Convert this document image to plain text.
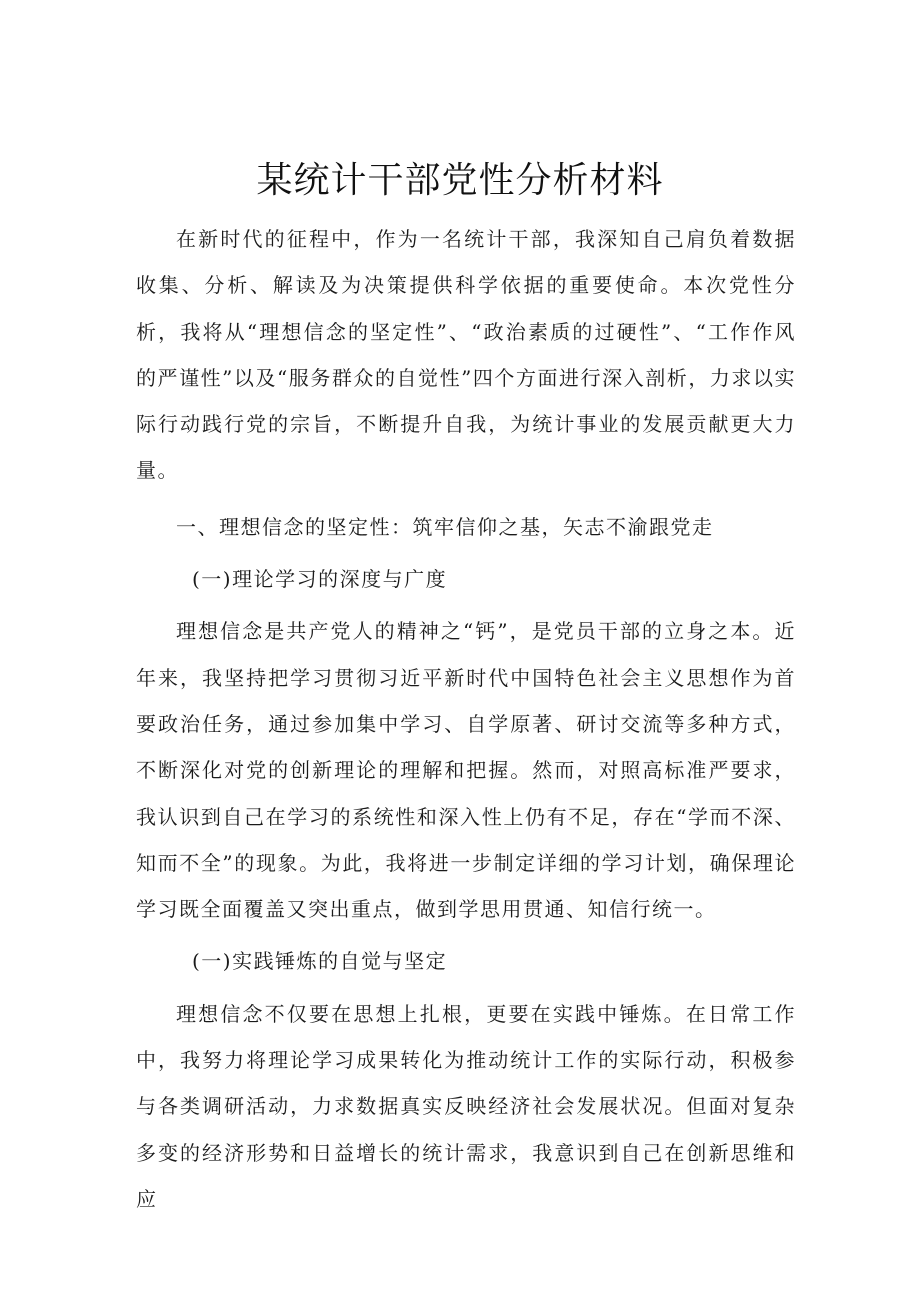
某统计干部党性分析材料

在新时代的征程中，作为一名统计干部，我深知自己肩负着数据收集、分析、解读及为决策提供科学依据的重要使命。本次党性分析，我将从“理想信念的坚定性”、“政治素质的过硬性”、“工作作风的严谨性”以及“服务群众的自觉性”四个方面进行深入剖析，力求以实际行动践行党的宗旨，不断提升自我，为统计事业的发展贡献更大力量。

一、理想信念的坚定性：筑牢信仰之基，矢志不渝跟党走

(一)理论学习的深度与广度

理想信念是共产党人的精神之“钙”，是党员干部的立身之本。近年来，我坚持把学习贯彻习近平新时代中国特色社会主义思想作为首要政治任务，通过参加集中学习、自学原著、研讨交流等多种方式，不断深化对党的创新理论的理解和把握。然而，对照高标准严要求，我认识到自己在学习的系统性和深入性上仍有不足，存在“学而不深、知而不全”的现象。为此，我将进一步制定详细的学习计划，确保理论学习既全面覆盖又突出重点，做到学思用贯通、知信行统一。

(一)实践锤炼的自觉与坚定

理想信念不仅要在思想上扎根，更要在实践中锤炼。在日常工作中，我努力将理论学习成果转化为推动统计工作的实际行动，积极参与各类调研活动，力求数据真实反映经济社会发展状况。但面对复杂多变的经济形势和日益增长的统计需求，我意识到自己在创新思维和应
